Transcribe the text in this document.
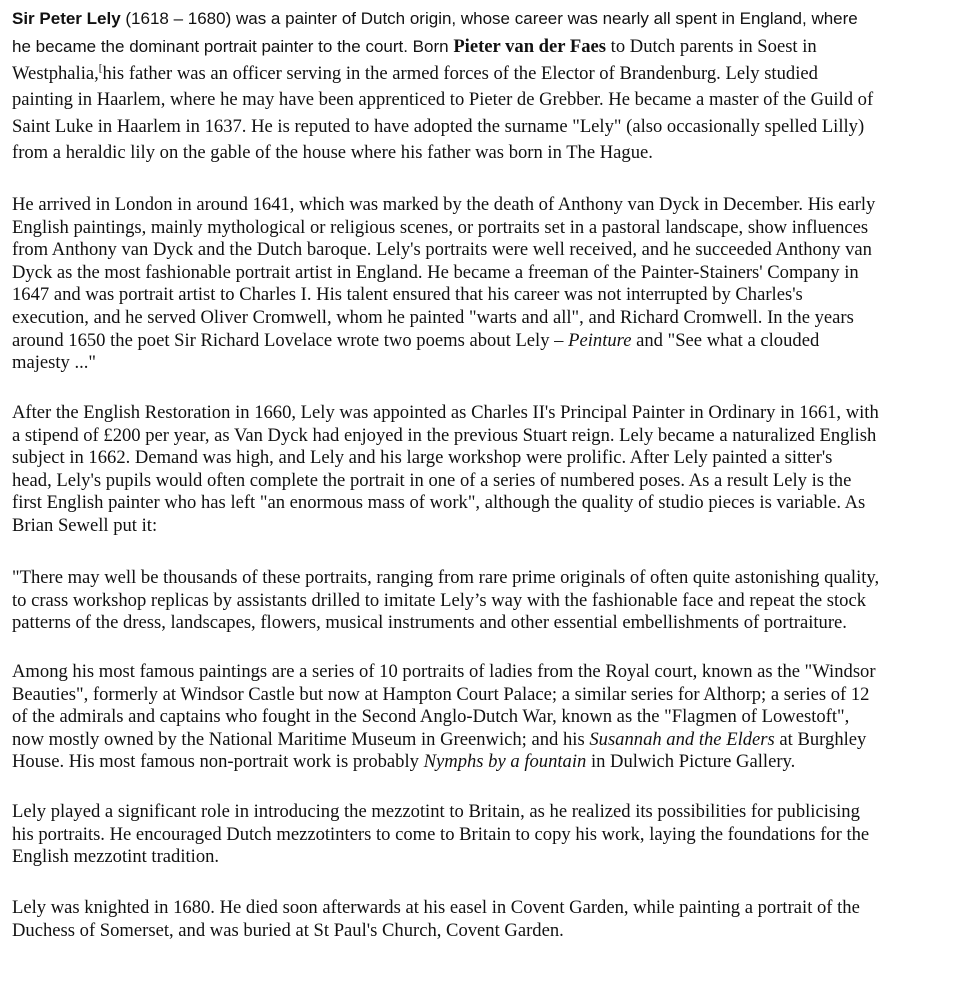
Sir Peter Lely (1618 – 1680) was a painter of Dutch origin, whose career was nearly all spent in England, where
he became the dominant portrait painter to the court. Born Pieter van der Faes to Dutch parents in Soest in
Westphalia,[his father was an officer serving in the armed forces of the Elector of Brandenburg. Lely studied
painting in Haarlem, where he may have been apprenticed to Pieter de Grebber. He became a master of the Guild of
Saint Luke in Haarlem in 1637. He is reputed to have adopted the surname "Lely" (also occasionally spelled Lilly)
from a heraldic lily on the gable of the house where his father was born in The Hague.

He arrived in London in around 1641, which was marked by the death of Anthony van Dyck in December. His early
English paintings, mainly mythological or religious scenes, or portraits set in a pastoral landscape, show influences
from Anthony van Dyck and the Dutch baroque. Lely's portraits were well received, and he succeeded Anthony van
Dyck as the most fashionable portrait artist in England. He became a freeman of the Painter-Stainers' Company in
1647 and was portrait artist to Charles I. His talent ensured that his career was not interrupted by Charles's
execution, and he served Oliver Cromwell, whom he painted "warts and all", and Richard Cromwell. In the years
around 1650 the poet Sir Richard Lovelace wrote two poems about Lely – Peinture and "See what a clouded
majesty ..."

After the English Restoration in 1660, Lely was appointed as Charles II's Principal Painter in Ordinary in 1661, with
a stipend of £200 per year, as Van Dyck had enjoyed in the previous Stuart reign. Lely became a naturalized English
subject in 1662. Demand was high, and Lely and his large workshop were prolific. After Lely painted a sitter's
head, Lely's pupils would often complete the portrait in one of a series of numbered poses. As a result Lely is the
first English painter who has left "an enormous mass of work", although the quality of studio pieces is variable. As
Brian Sewell put it:

"There may well be thousands of these portraits, ranging from rare prime originals of often quite astonishing quality,
to crass workshop replicas by assistants drilled to imitate Lely’s way with the fashionable face and repeat the stock
patterns of the dress, landscapes, flowers, musical instruments and other essential embellishments of portraiture.

Among his most famous paintings are a series of 10 portraits of ladies from the Royal court, known as the "Windsor
Beauties", formerly at Windsor Castle but now at Hampton Court Palace; a similar series for Althorp; a series of 12
of the admirals and captains who fought in the Second Anglo-Dutch War, known as the "Flagmen of Lowestoft",
now mostly owned by the National Maritime Museum in Greenwich; and his Susannah and the Elders at Burghley
House. His most famous non-portrait work is probably Nymphs by a fountain in Dulwich Picture Gallery.

Lely played a significant role in introducing the mezzotint to Britain, as he realized its possibilities for publicising
his portraits. He encouraged Dutch mezzotinters to come to Britain to copy his work, laying the foundations for the
English mezzotint tradition.

Lely was knighted in 1680. He died soon afterwards at his easel in Covent Garden, while painting a portrait of the
Duchess of Somerset, and was buried at St Paul's Church, Covent Garden.
